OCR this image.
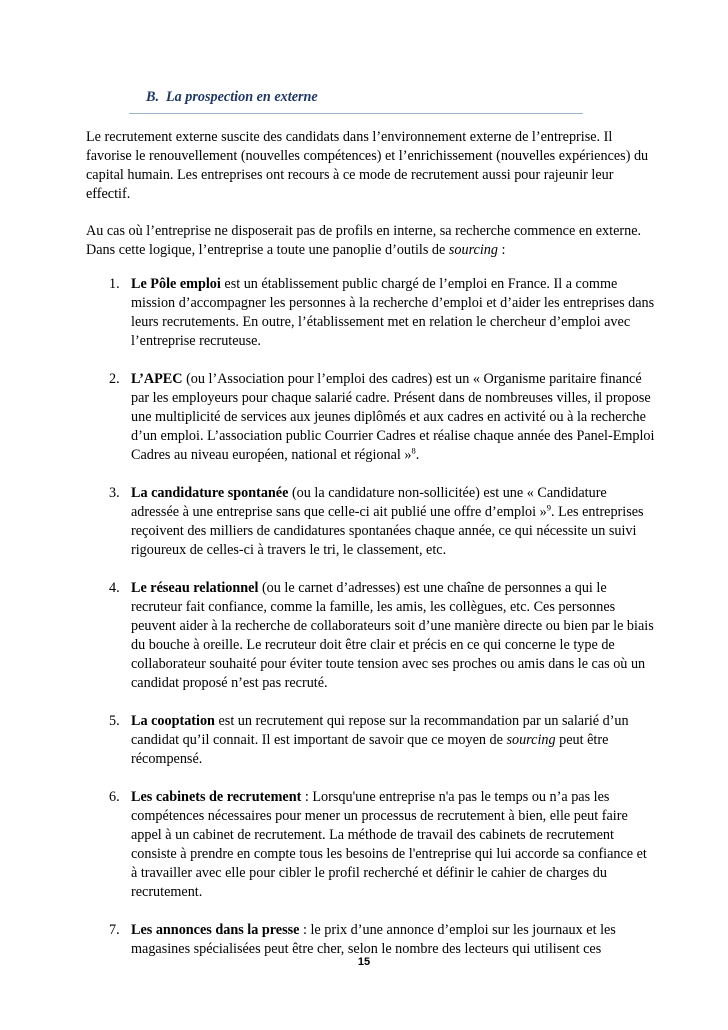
B. La prospection en externe

Le recrutement externe suscite des candidats dans l’environnement externe de l’entreprise. Il favorise le renouvellement (nouvelles compétences) et l’enrichissement (nouvelles expériences) du capital humain. Les entreprises ont recours à ce mode de recrutement aussi pour rajeunir leur effectif.

Au cas où l’entreprise ne disposerait pas de profils en interne, sa recherche commence en externe. Dans cette logique, l’entreprise a toute une panoplie d’outils de sourcing :

1. Le Pôle emploi est un établissement public chargé de l’emploi en France. Il a comme mission d’accompagner les personnes à la recherche d’emploi et d’aider les entreprises dans leurs recrutements. En outre, l’établissement met en relation le chercheur d’emploi avec l’entreprise recruteuse.
2. L’APEC (ou l’Association pour l’emploi des cadres) est un « Organisme paritaire financé par les employeurs pour chaque salarié cadre. Présent dans de nombreuses villes, il propose une multiplicité de services aux jeunes diplômés et aux cadres en activité ou à la recherche d’un emploi. L’association public Courrier Cadres et réalise chaque année des Panel-Emploi Cadres au niveau européen, national et régional »$^8$.
3. La candidature spontanée (ou la candidature non-sollicitée) est une « Candidature adressée à une entreprise sans que celle-ci ait publié une offre d’emploi »$^9$. Les entreprises reçoivent des milliers de candidatures spontanées chaque année, ce qui nécessite un suivi rigoureux de celles-ci à travers le tri, le classement, etc.
4. Le réseau relationnel (ou le carnet d’adresses) est une chaîne de personnes a qui le recruteur fait confiance, comme la famille, les amis, les collègues, etc. Ces personnes peuvent aider à la recherche de collaborateurs soit d’une manière directe ou bien par le biais du bouche à oreille. Le recruteur doit être clair et précis en ce qui concerne le type de collaborateur souhaité pour éviter toute tension avec ses proches ou amis dans le cas où un candidat proposé n’est pas recruté.
5. La cooptation est un recrutement qui repose sur la recommandation par un salarié d’un candidat qu’il connait. Il est important de savoir que ce moyen de sourcing peut être récompensé.
6. Les cabinets de recrutement : Lorsqu'une entreprise n'a pas le temps ou n’a pas les compétences nécessaires pour mener un processus de recrutement à bien, elle peut faire appel à un cabinet de recrutement. La méthode de travail des cabinets de recrutement consiste à prendre en compte tous les besoins de l'entreprise qui lui accorde sa confiance et à travailler avec elle pour cibler le profil recherché et définir le cahier de charges du recrutement.
7. Les annonces dans la presse : le prix d’une annonce d’emploi sur les journaux et les magasines spécialisées peut être cher, selon le nombre des lecteurs qui utilisent ces
15
